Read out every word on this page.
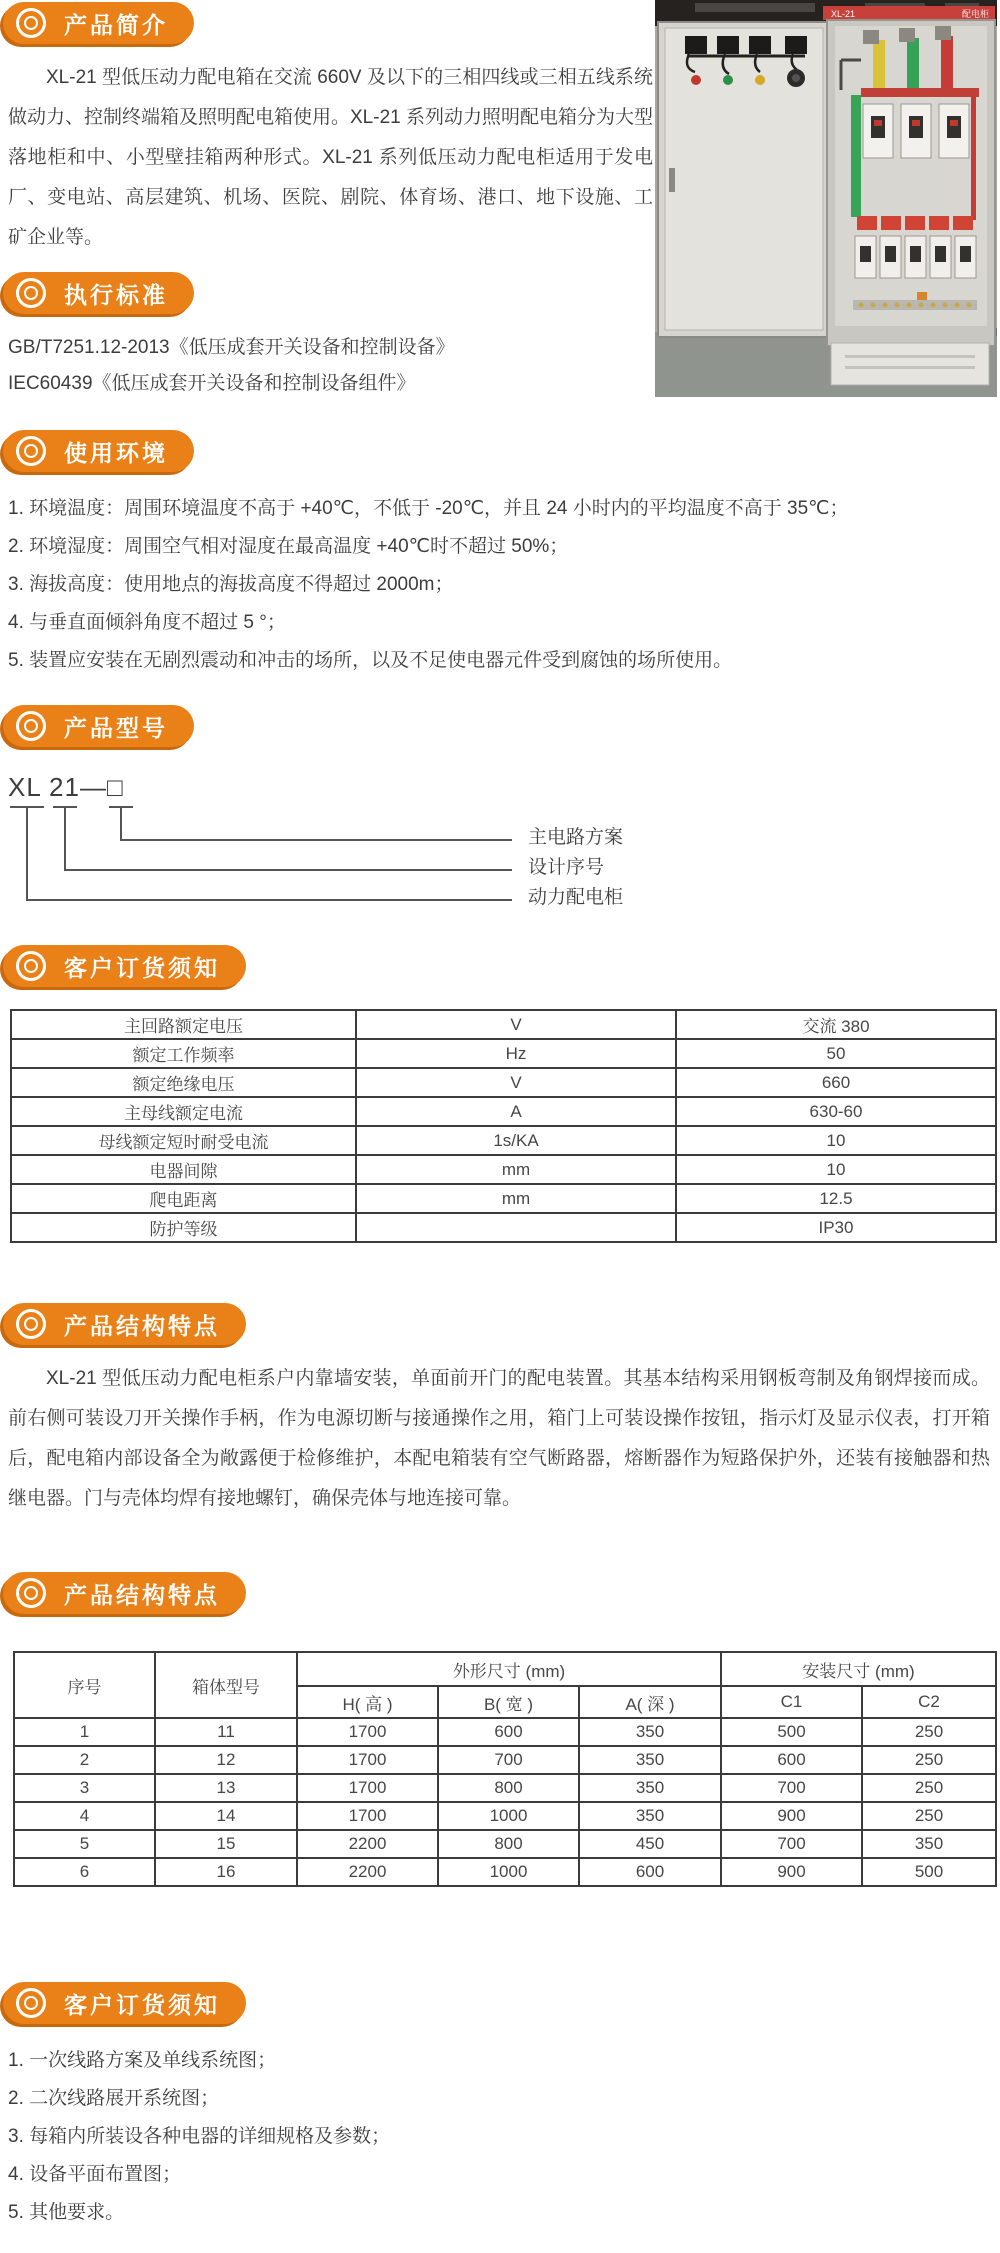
XL-21	配电柜
产品简介

XL-21 型低压动力配电箱在交流 660V 及以下的三相四线或三相五线系统做动力、控制终端箱及照明配电箱使用。XL-21 系列动力照明配电箱分为大型落地柜和中、小型壁挂箱两种形式。XL-21 系列低压动力配电柜适用于发电厂、变电站、高层建筑、机场、医院、剧院、体育场、港口、地下设施、工矿企业等。

执行标准
GB/T7251.12-2013《低压成套开关设备和控制设备》
IEC60439《低压成套开关设备和控制设备组件》
使用环境
1. 环境温度：周围环境温度不高于 +40℃，不低于 -20℃，并且 24 小时内的平均温度不高于 35℃；
2. 环境湿度：周围空气相对湿度在最高温度 +40℃时不超过 50%；
3. 海拔高度：使用地点的海拔高度不得超过 2000m；
4. 与垂直面倾斜角度不超过 5 °；
5. 装置应安装在无剧烈震动和冲击的场所，以及不足使电器元件受到腐蚀的场所使用。
产品型号
XL 21—□
主电路方案
设计序号
动力配电柜
客户订货须知
主回路额定电压	V	交流 380
额定工作频率	Hz	50
额定绝缘电压	V	660
主母线额定电流	A	630-60
母线额定短时耐受电流	1s/KA	10
电器间隙	mm	10
爬电距离	mm	12.5
防护等级		IP30
产品结构特点

XL-21 型低压动力配电柜系户内靠墙安装，单面前开门的配电装置。其基本结构采用钢板弯制及角钢焊接而成。前右侧可装设刀开关操作手柄，作为电源切断与接通操作之用，箱门上可装设操作按钮，指示灯及显示仪表，打开箱后，配电箱内部设备全为敞露便于检修维护，本配电箱装有空气断路器，熔断器作为短路保护外，还装有接触器和热继电器。门与壳体均焊有接地螺钉，确保壳体与地连接可靠。

产品结构特点
序号	箱体型号	外形尺寸 (mm)			安装尺寸 (mm)	
		H( 高 )	B( 宽 )	A( 深 )	C1	C2
1	11	1700	600	350	500	250
2	12	1700	700	350	600	250
3	13	1700	800	350	700	250
4	14	1700	1000	350	900	250
5	15	2200	800	450	700	350
6	16	2200	1000	600	900	500
客户订货须知
1. 一次线路方案及单线系统图；
2. 二次线路展开系统图；
3. 每箱内所装设各种电器的详细规格及参数；
4. 设备平面布置图；
5. 其他要求。
